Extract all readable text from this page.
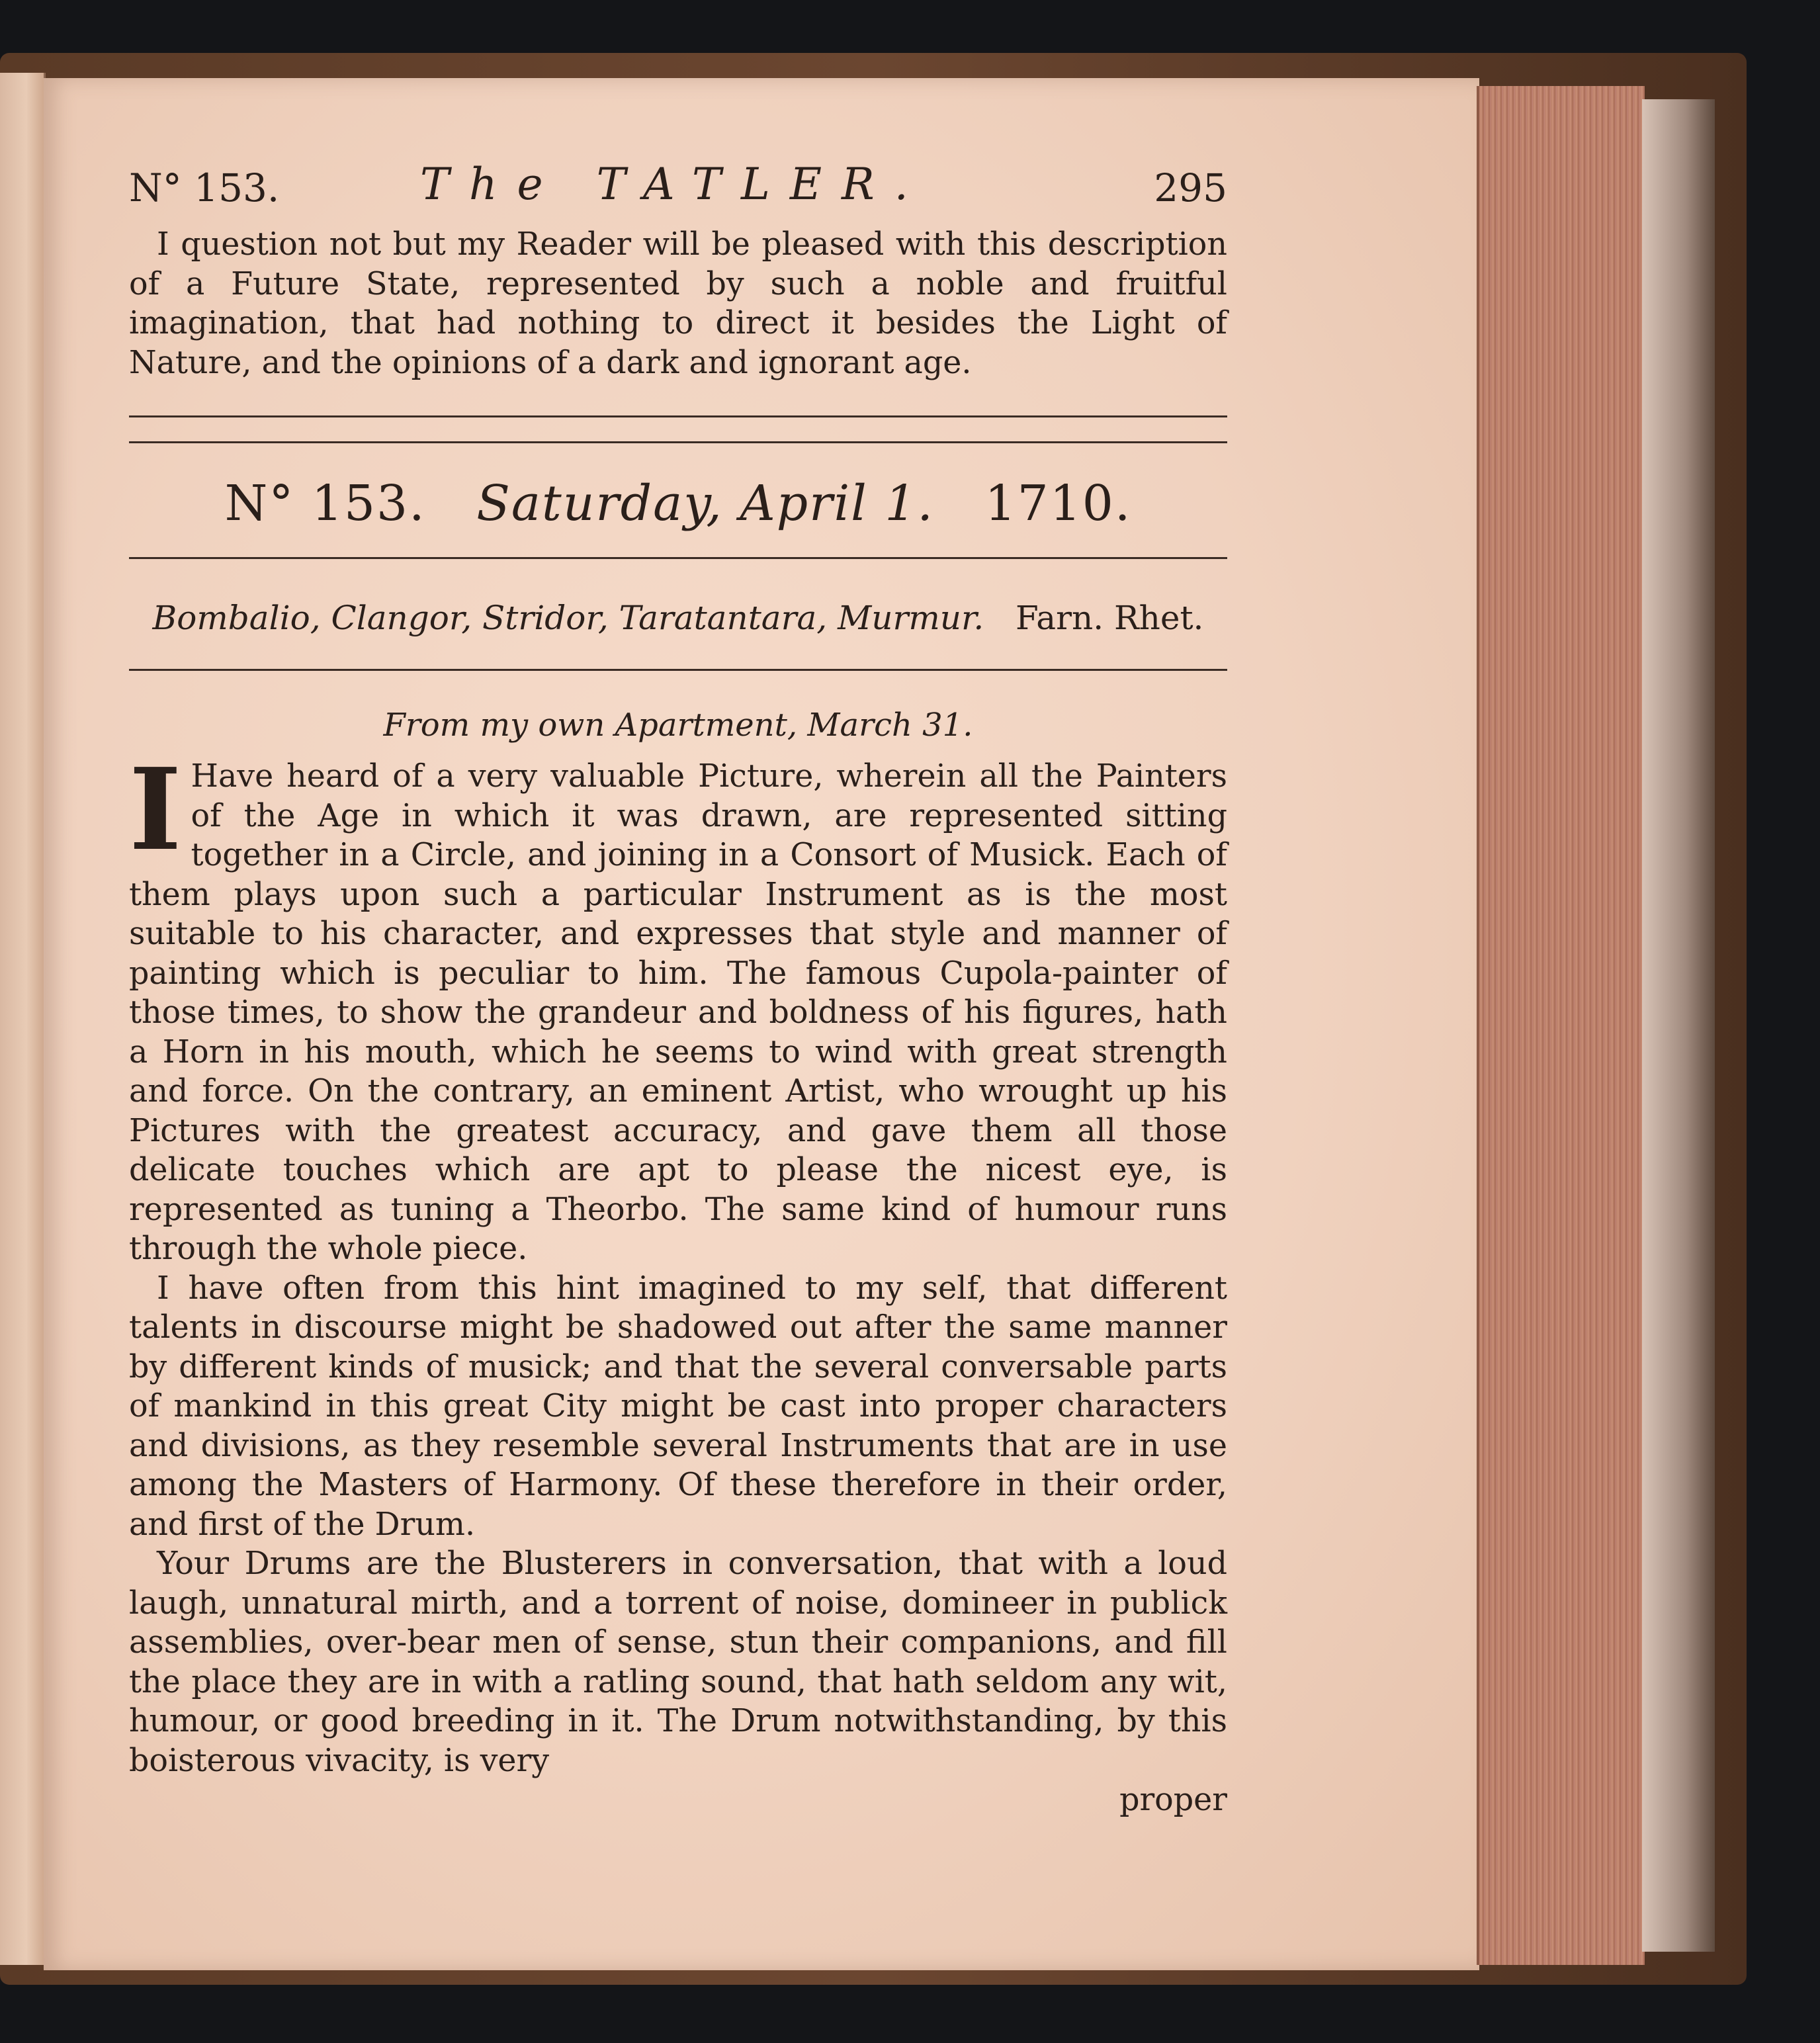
N° 153.	The TATLER.	295

I question not but my Reader will be pleased with this description of a Future State, represented by such a noble and fruitful imagination, that had nothing to direct it besides the Light of Nature, and the opinions of a dark and ignorant age.

N° 153. Saturday, April 1. 1710.
Bombalio, Clangor, Stridor, Taratantara, Murmur. Farn. Rhet.
From my own Apartment, March 31.

I Have heard of a very valuable Picture, wherein all the Painters of the Age in which it was drawn, are represented sitting together in a Circle, and joining in a Consort of Musick. Each of them plays upon such a particular Instrument as is the most suitable to his character, and expresses that style and manner of painting which is peculiar to him. The famous Cupola-painter of those times, to show the grandeur and boldness of his figures, hath a Horn in his mouth, which he seems to wind with great strength and force. On the contrary, an eminent Artist, who wrought up his Pictures with the greatest accuracy, and gave them all those delicate touches which are apt to please the nicest eye, is represented as tuning a Theorbo. The same kind of humour runs through the whole piece.

I have often from this hint imagined to my self, that different talents in discourse might be shadowed out after the same manner by different kinds of musick; and that the several conversable parts of mankind in this great City might be cast into proper characters and divisions, as they resemble several Instruments that are in use among the Masters of Harmony. Of these therefore in their order, and first of the Drum.

Your Drums are the Blusterers in conversation, that with a loud laugh, unnatural mirth, and a torrent of noise, domineer in publick assemblies, over-bear men of sense, stun their companions, and fill the place they are in with a ratling sound, that hath seldom any wit, humour, or good breeding in it. The Drum notwithstanding, by this boisterous vivacity, is very

proper
